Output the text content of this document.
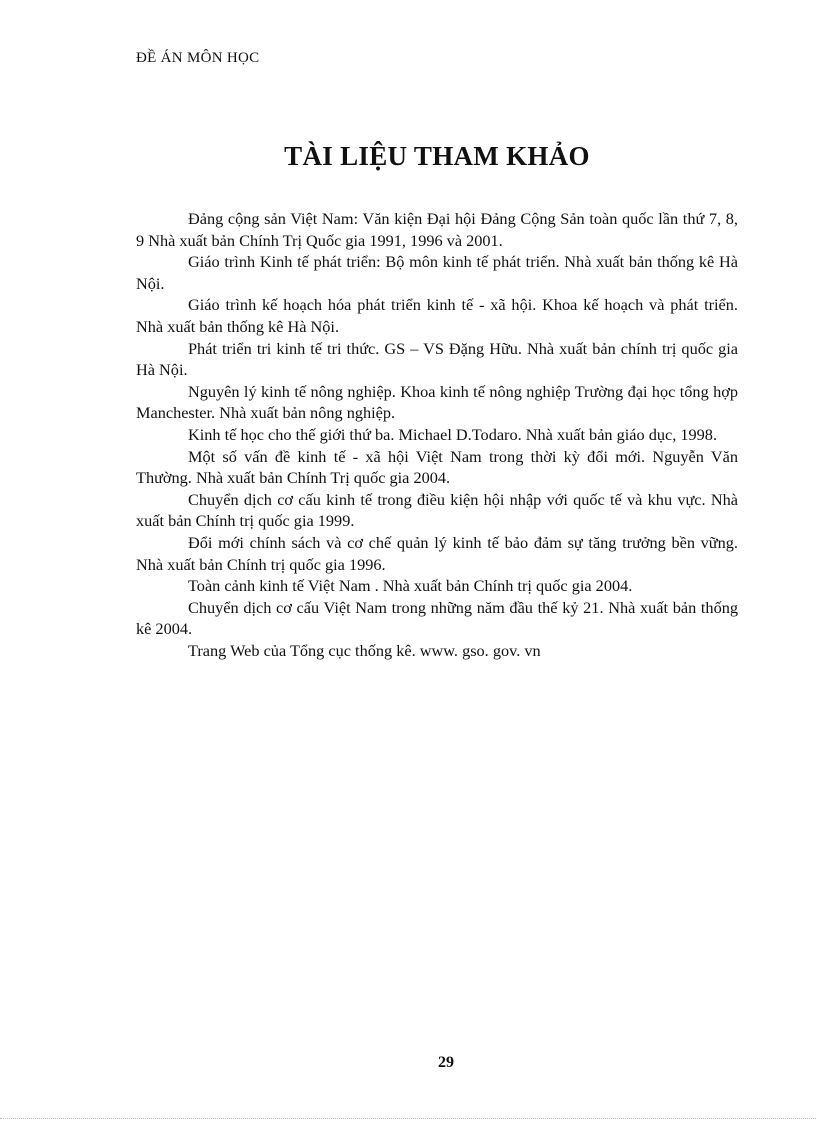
ĐỀ ÁN MÔN HỌC
TÀI LIỆU THAM KHẢO
Đảng cộng sản Việt Nam: Văn kiện Đại hội Đảng Cộng Sản toàn quốc lần thứ 7, 8, 9 Nhà xuất bản Chính Trị Quốc gia 1991, 1996 và 2001.
Giáo trình Kinh tế phát triển: Bộ môn kinh tế phát triển. Nhà xuất bản thống kê Hà Nội.
Giáo trình kế hoạch hóa phát triển kinh tế - xã hội. Khoa kế hoạch và phát triển. Nhà xuất bản thống kê Hà Nội.
Phát triển tri kinh tế tri thức. GS – VS Đặng Hữu. Nhà xuất bản chính trị quốc gia Hà Nội.
Nguyên lý kinh tế nông nghiệp. Khoa kinh tế nông nghiệp Trường đại học tổng hợp Manchester. Nhà xuất bản nông nghiệp.
Kinh tế học cho thế giới thứ ba. Michael D.Todaro. Nhà xuất bản giáo dục, 1998.
Một số vấn đề kinh tế - xã hội Việt Nam trong thời kỳ đổi mới. Nguyễn Văn Thường. Nhà xuất bản Chính Trị quốc gia 2004.
Chuyển dịch cơ cấu kinh tế trong điều kiện hội nhập với quốc tế và khu vực. Nhà xuất bản Chính trị quốc gia 1999.
Đổi mới chính sách và cơ chế quản lý kinh tế bảo đảm sự tăng trưởng bền vững. Nhà xuất bản Chính trị quốc gia 1996.
Toàn cảnh kinh tế Việt Nam . Nhà xuất bản Chính trị quốc gia 2004.
Chuyển dịch cơ cấu Việt Nam trong những năm đầu thế kỷ 21. Nhà xuất bản thống kê 2004.
Trang Web của Tổng cục thống kê. www. gso. gov. vn
29
